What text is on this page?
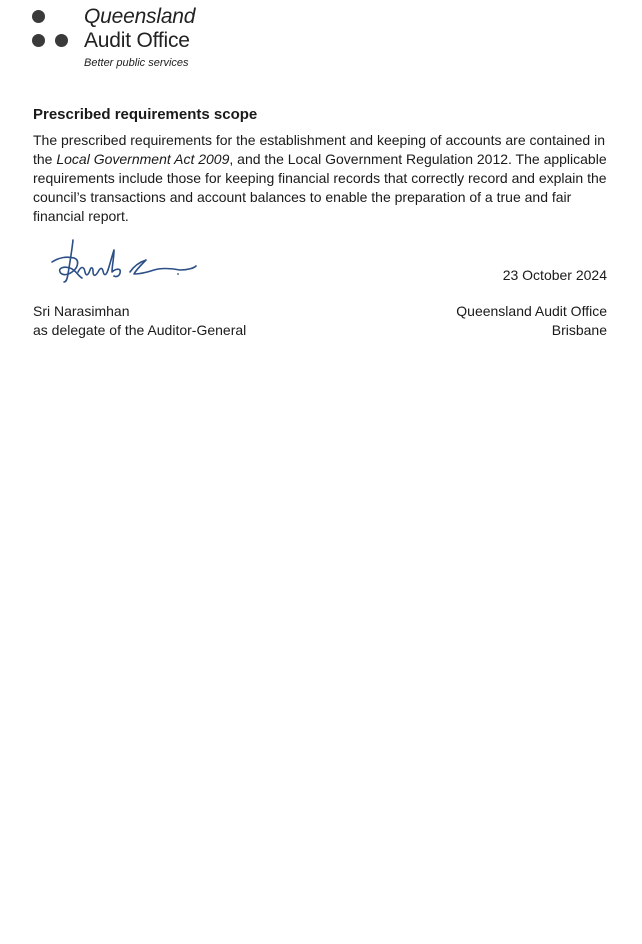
Queensland
Audit Office
Better public services
Prescribed requirements scope

The prescribed requirements for the establishment and keeping of accounts are contained in the Local Government Act 2009, and the Local Government Regulation 2012. The applicable requirements include those for keeping financial records that correctly record and explain the council’s transactions and account balances to enable the preparation of a true and fair financial report.

23 October 2024
Sri Narasimhan
as delegate of the Auditor-General
Queensland Audit Office
Brisbane
